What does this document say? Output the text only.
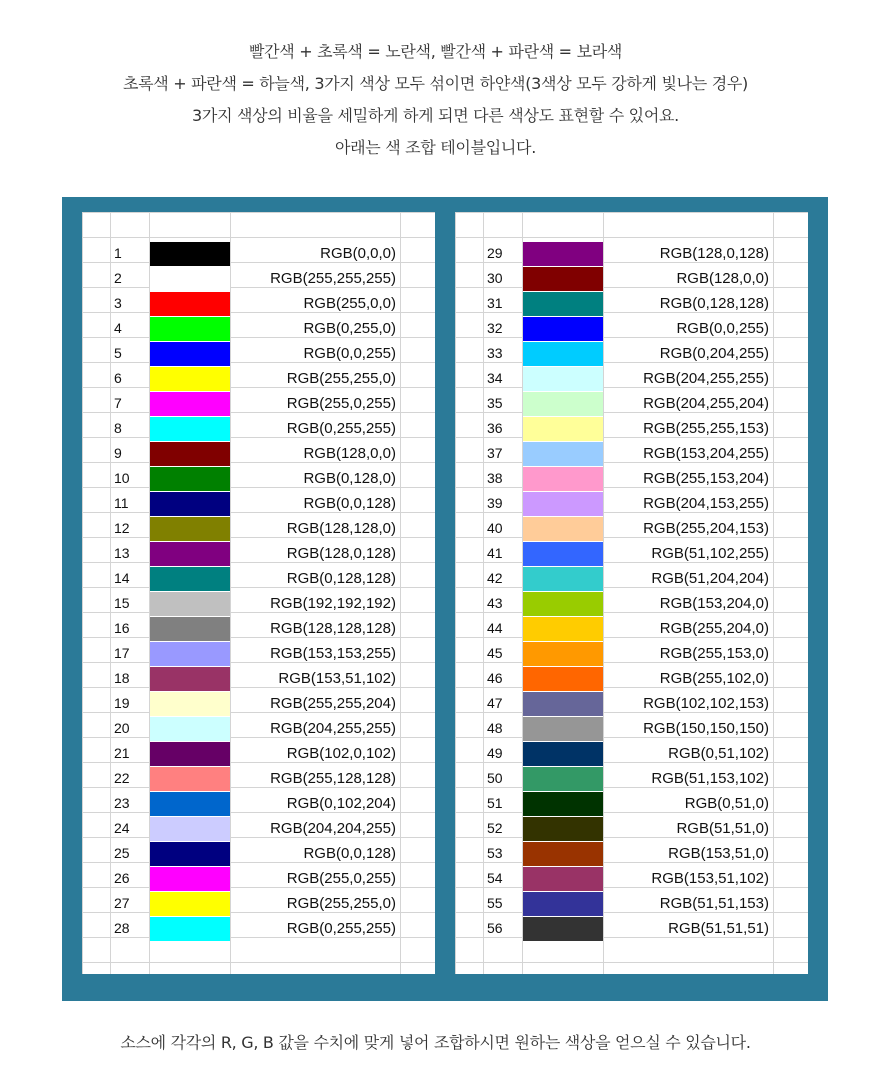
빨간색 + 초록색 = 노란색, 빨간색 + 파란색 = 보라색

초록색 + 파란색 = 하늘색, 3가지 색상 모두 섞이면 하얀색(3색상 모두 강하게 빛나는 경우)

3가지 색상의 비율을 세밀하게 하게 되면 다른 색상도 표현할 수 있어요.

아래는 색 조합 테이블입니다.

1	RGB(0,0,0)
2	RGB(255,255,255)
3	RGB(255,0,0)
4	RGB(0,255,0)
5	RGB(0,0,255)
6	RGB(255,255,0)
7	RGB(255,0,255)
8	RGB(0,255,255)
9	RGB(128,0,0)
10	RGB(0,128,0)
11	RGB(0,0,128)
12	RGB(128,128,0)
13	RGB(128,0,128)
14	RGB(0,128,128)
15	RGB(192,192,192)
16	RGB(128,128,128)
17	RGB(153,153,255)
18	RGB(153,51,102)
19	RGB(255,255,204)
20	RGB(204,255,255)
21	RGB(102,0,102)
22	RGB(255,128,128)
23	RGB(0,102,204)
24	RGB(204,204,255)
25	RGB(0,0,128)
26	RGB(255,0,255)
27	RGB(255,255,0)
28	RGB(0,255,255)
29	RGB(128,0,128)
30	RGB(128,0,0)
31	RGB(0,128,128)
32	RGB(0,0,255)
33	RGB(0,204,255)
34	RGB(204,255,255)
35	RGB(204,255,204)
36	RGB(255,255,153)
37	RGB(153,204,255)
38	RGB(255,153,204)
39	RGB(204,153,255)
40	RGB(255,204,153)
41	RGB(51,102,255)
42	RGB(51,204,204)
43	RGB(153,204,0)
44	RGB(255,204,0)
45	RGB(255,153,0)
46	RGB(255,102,0)
47	RGB(102,102,153)
48	RGB(150,150,150)
49	RGB(0,51,102)
50	RGB(51,153,102)
51	RGB(0,51,0)
52	RGB(51,51,0)
53	RGB(153,51,0)
54	RGB(153,51,102)
55	RGB(51,51,153)
56	RGB(51,51,51)
소스에 각각의 R, G, B 값을 수치에 맞게 넣어 조합하시면 원하는 색상을 얻으실 수 있습니다.
